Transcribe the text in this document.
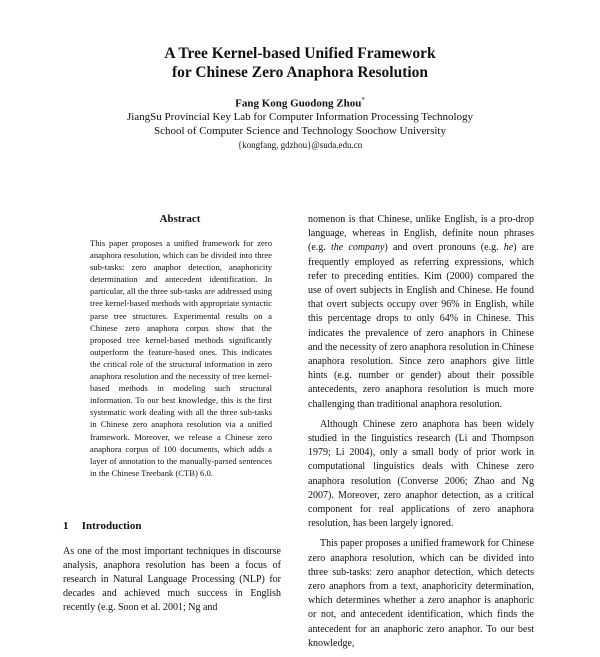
A Tree Kernel-based Unified Framework
for Chinese Zero Anaphora Resolution
Fang Kong Guodong Zhou*
JiangSu Provincial Key Lab for Computer Information Processing Technology
School of Computer Science and Technology Soochow University
{kongfang, gdzhou}@suda.edu.cn
Abstract
This paper proposes a unified framework for zero anaphora resolution, which can be divided into three sub-tasks: zero anaphor detection, anaphoricity determination and antecedent identification. In particular, all the three sub-tasks are addressed using tree kernel-based methods with appropriate syntactic parse tree structures. Experimental results on a Chinese zero anaphora corpus show that the proposed tree kernel-based methods significantly outperform the feature-based ones. This indicates the critical role of the structural information in zero anaphora resolution and the necessity of tree kernel-based methods in modeling such structural information. To our best knowledge, this is the first systematic work dealing with all the three sub-tasks in Chinese zero anaphora resolution via a unified framework. Moreover, we release a Chinese zero anaphora corpus of 100 documents, which adds a layer of annotation to the manually-parsed sentences in the Chinese Treebank (CTB) 6.0.
1 Introduction

As one of the most important techniques in discourse analysis, anaphora resolution has been a focus of research in Natural Language Processing (NLP) for decades and achieved much success in English recently (e.g. Soon et al. 2001; Ng and

nomenon is that Chinese, unlike English, is a pro-drop language, whereas in English, definite noun phrases (e.g. the company) and overt pronouns (e.g. he) are frequently employed as referring expressions, which refer to preceding entities. Kim (2000) compared the use of overt subjects in English and Chinese. He found that overt subjects occupy over 96% in English, while this percentage drops to only 64% in Chinese. This indicates the prevalence of zero anaphors in Chinese and the necessity of zero anaphora resolution in Chinese anaphora resolution. Since zero anaphors give little hints (e.g. number or gender) about their possible antecedents, zero anaphora resolution is much more challenging than traditional anaphora resolution.

Although Chinese zero anaphora has been widely studied in the linguistics research (Li and Thompson 1979; Li 2004), only a small body of prior work in computational linguistics deals with Chinese zero anaphora resolution (Converse 2006; Zhao and Ng 2007). Moreover, zero anaphor detection, as a critical component for real applications of zero anaphora resolution, has been largely ignored.

This paper proposes a unified framework for Chinese zero anaphora resolution, which can be divided into three sub-tasks: zero anaphor detection, which detects zero anaphors from a text, anaphoricity determination, which determines whether a zero anaphor is anaphoric or not, and antecedent identification, which finds the antecedent for an anaphoric zero anaphor. To our best knowledge,
